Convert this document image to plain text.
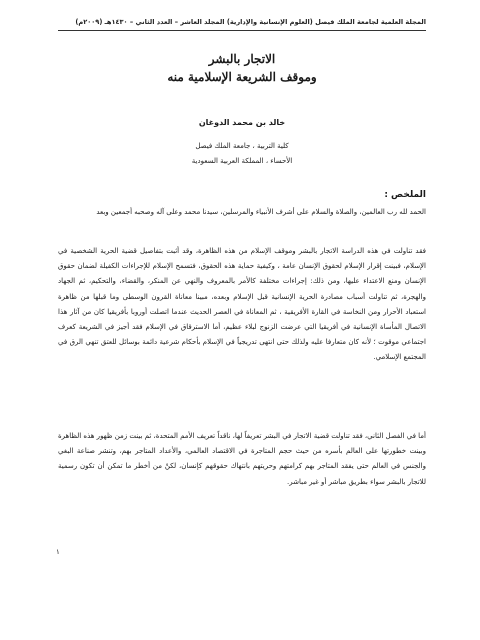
المجلة العلمية لجامعة الملك فيصل (العلوم الإنسانية والإدارية) المجلد العاشر – العدد الثاني – ١٤٣٠هـ (٢٠٠٩م)
الاتجار بالبشر
وموقف الشريعة الإسلامية منه
خالد بن محمد الدوغان
كلية التربية ، جامعة الملك فيصل
الأحساء ، المملكة العربية السعودية
الملخص :

الحمد لله رب العالمين، والصلاة والسلام على أشرف الأنبياء والمرسلين، سيدنا محمد وعلى آله وصحبه أجمعين وبعد

فقد تناولت في هذه الدراسة الاتجار بالبشر وموقف الإسلام من هذه الظاهرة، وقد أثبت بتفاصيل قضية الحرية الشخصية في الإسلام، فبينت إقرار الإسلام لحقوق الإنسان عامة ، وكيفية حماية هذه الحقوق، فتسمح الإسلام للإجراءات الكفيلة لضمان حقوق الإنسان ومنع الاعتداء عليها، ومن ذلك: إجراءات مختلفة كالأمر بالمعروف والنهي عن المنكر، والقضاء، والتحكيم، ثم الجهاد والهجرة، ثم تناولت أسباب مصادرة الحرية الإنسانية قبل الإسلام وبعده، مبينا معاناة القرون الوسطى وما قبلها من ظاهرة استعباد الأحرار ومن النخاسة في القارة الأفريقية ، ثم المعاناة في العصر الحديث عندما اتصلت أوروبا بأفريقيا كان من آثار هذا الاتصال المأساة الإنسانية في أفريقيا التي عرضت الزنوج لبلاء عظيم، أما الاسترقاق في الإسلام فقد أجيز في الشريعة كعرف اجتماعي موقوت ؛ لأنه كان متعارفا عليه ولذلك حتى انتهى تدريجياً في الإسلام بأحكام شرعية دائمة بوسائل للعتق تنهي الرق في المجتمع الإسلامي.

أما في الفصل الثاني، فقد تناولت قضية الاتجار في البشر تعريفاً لها، ناقداً تعريف الأمم المتحدة، ثم بينت زمن ظهور هذه الظاهرة وبينت خطورتها على العالم بأسره من حيث حجم المتاجرة في الاقتصاد العالمي، والأعداد المتاجر بهم، وتنشر صناعة البغي والجنس في العالم حتى يفقد المتاجر بهم كرامتهم وحريتهم بانتهاك حقوقهم كإنسان، لكنْ من أخطر ما تمكن أن تكون رسمية للاتجار بالبشر سواء بطريق مباشر أو غير مباشر.

١
